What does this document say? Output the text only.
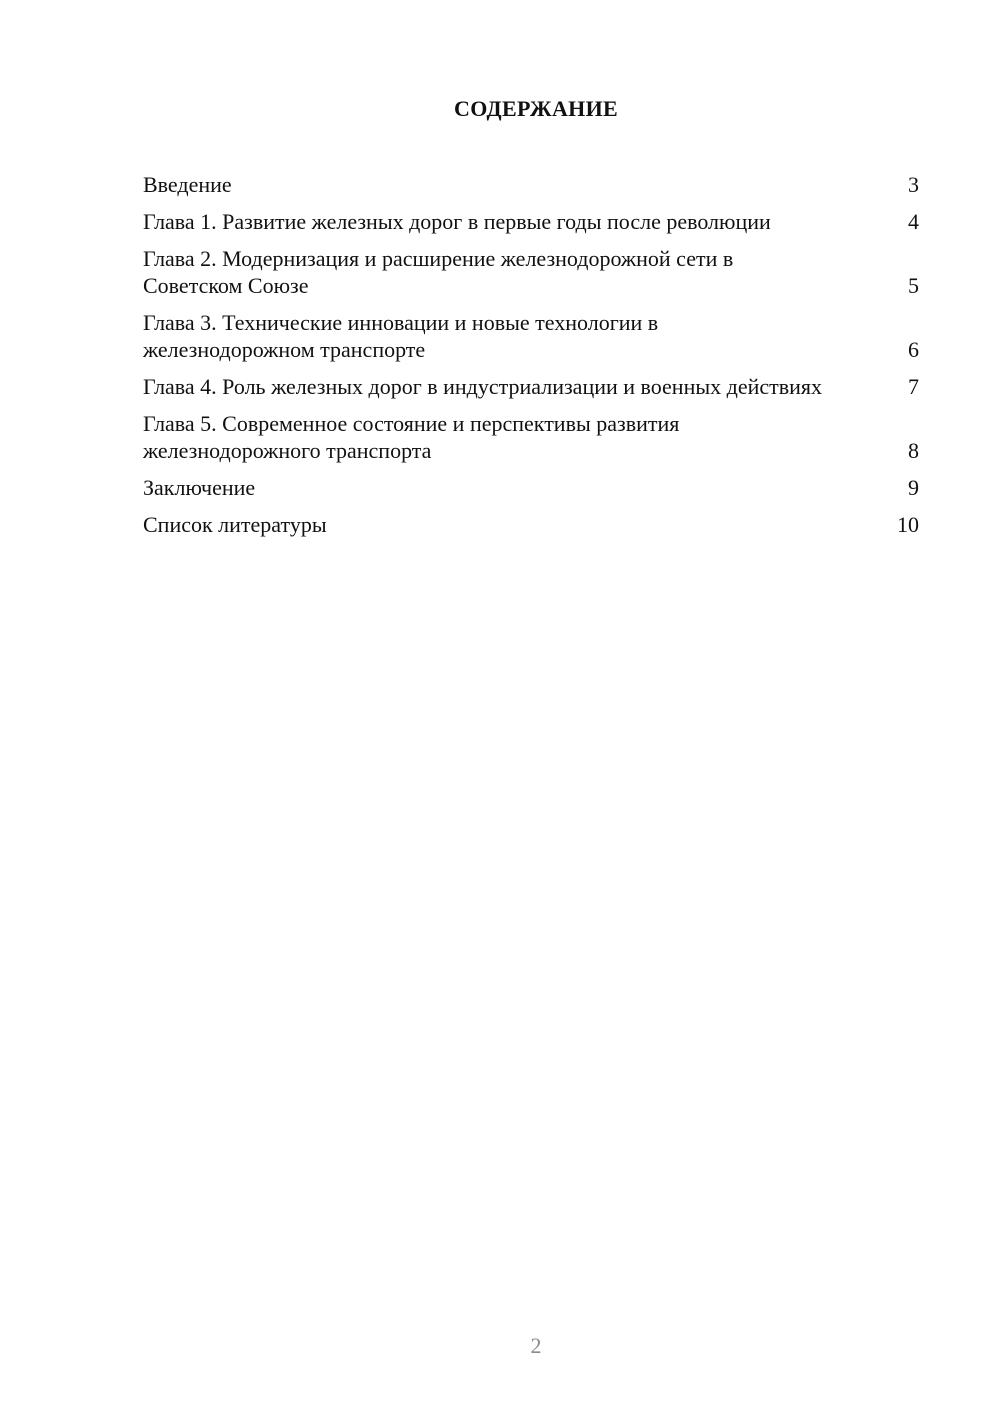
СОДЕРЖАНИЕ
Введение	3
Глава 1. Развитие железных дорог в первые годы после революции	4
Глава 2. Модернизация и расширение железнодорожной сети в Советском Союзе	5
Глава 3. Технические инновации и новые технологии в железнодорожном транспорте	6
Глава 4. Роль железных дорог в индустриализации и военных действиях	7
Глава 5. Современное состояние и перспективы развития железнодорожного транспорта	8
Заключение	9
Список литературы	10
2
